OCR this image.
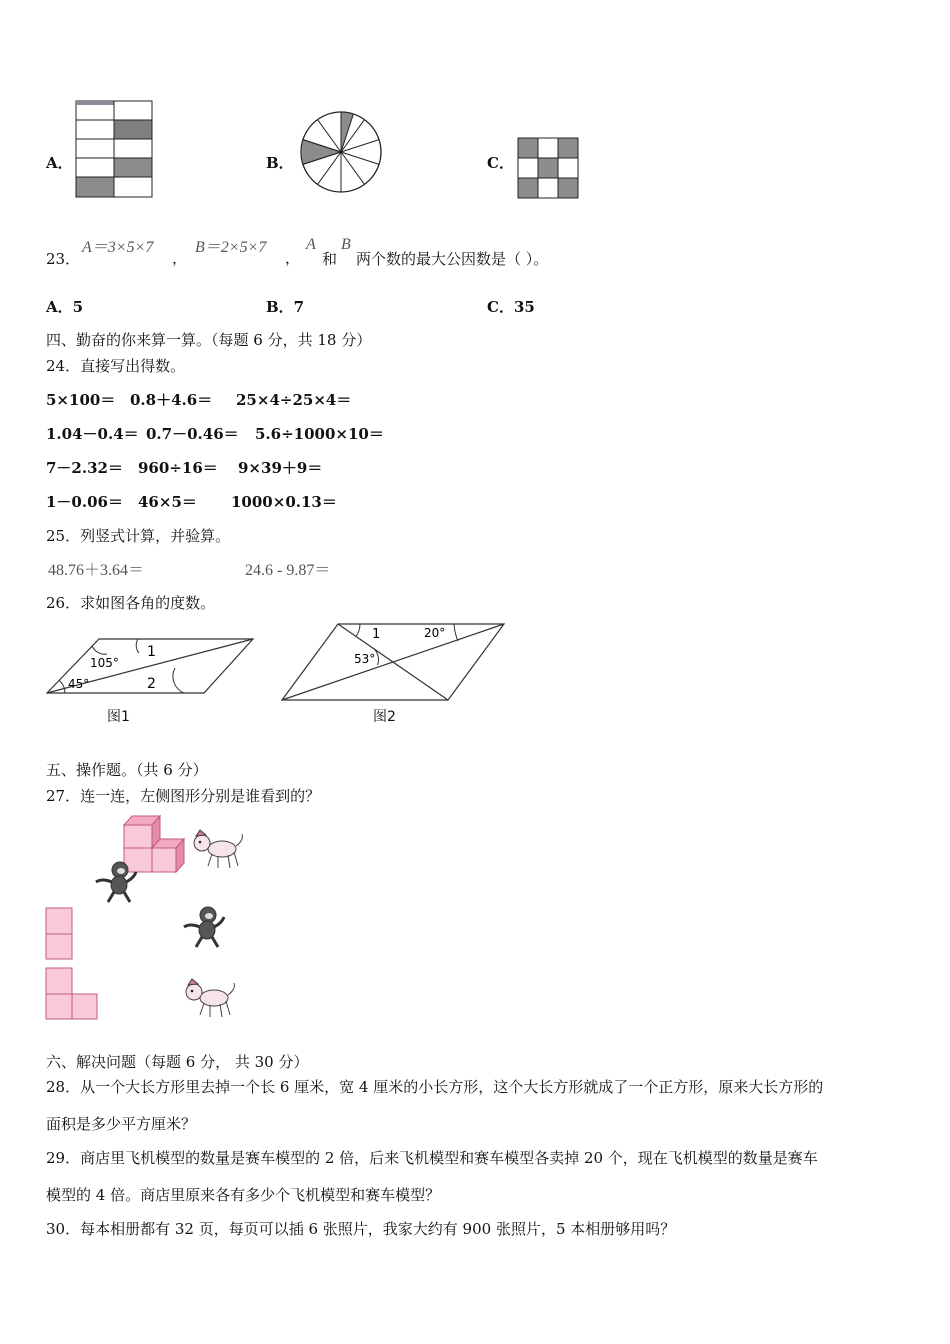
A．	B．	C．
23．
A＝3×5×7
，
B＝2×5×7
，
A
和
B
两个数的最大公因数是（ ）。
A．5	B．7	C．35
四、勤奋的你来算一算。（每题 6 分，共 18 分）
24．直接写出得数。
5×100＝ 0.8＋4.6＝ 25×4÷25×4＝
1.04－0.4＝ 0.7－0.46＝ 5.6÷1000×10＝
7－2.32＝ 960÷16＝ 9×39＋9＝
1－0.06＝ 46×5＝ 1000×0.13＝
25．列竖式计算，并验算。
48.76＋3.64＝	24.6 - 9.87＝
26．求如图各角的度数。
105°
45°
1
2
图1
1	20°
53°
图2
五、操作题。（共 6 分）
27．连一连，左侧图形分别是谁看到的？
六、解决问题（每题 6 分， 共 30 分）
28．从一个大长方形里去掉一个长 6 厘米，宽 4 厘米的小长方形，这个大长方形就成了一个正方形，原来大长方形的
面积是多少平方厘米？
29．商店里飞机模型的数量是赛车模型的 2 倍，后来飞机模型和赛车模型各卖掉 20 个，现在飞机模型的数量是赛车
模型的 4 倍。商店里原来各有多少个飞机模型和赛车模型？
30．每本相册都有 32 页，每页可以插 6 张照片，我家大约有 900 张照片，5 本相册够用吗？
